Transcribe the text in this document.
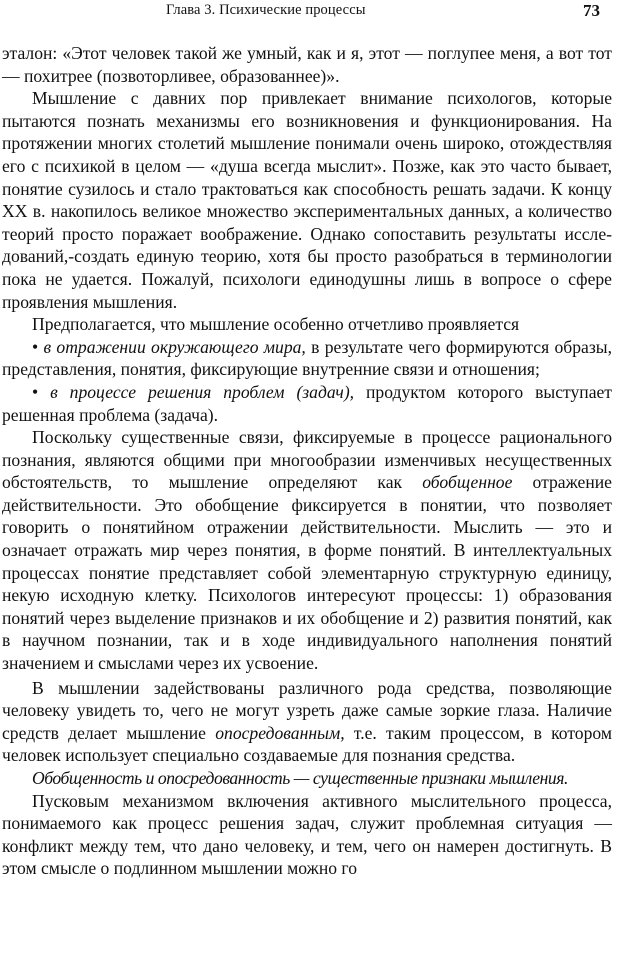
Глава 3. Психические процессы	73

эталон: «Этот человек такой же умный, как и я, этот — поглупее меня, а вот тот — похитрее (позвоторливее, образованнее)».

Мышление с давних пор привлекает внимание психологов, которые пытаются познать механизмы его возникновения и функционирования. На протяжении многих столетий мышление понимали очень широко, отождествляя его с психикой в целом — «душа всегда мыслит». Позже, как это часто бывает, понятие сузилось и стало трактоваться как способность решать задачи. К концу XX в. накопилось великое множество экспериментальных данных, а количество теорий просто поражает воображение. Однако сопоставить результаты исследований,-создать единую теорию, хотя бы просто разобраться в терминологии пока не удается. Пожалуй, психологи единодушны лишь в вопросе о сфере проявления мышления.

Предполагается, что мышление особенно отчетливо проявляется

• в отражении окружающего мира, в результате чего формируются образы, представления, понятия, фиксирующие внутренние связи и отношения;

• в процессе решения проблем (задач), продуктом которого выступает решенная проблема (задача).

Поскольку существенные связи, фиксируемые в процессе рационального познания, являются общими при многообразии изменчивых несущественных обстоятельств, то мышление определяют как обобщенное отражение действительности. Это обобщение фиксируется в понятии, что позволяет говорить о понятийном отражении действительности. Мыслить — это и означает отражать мир через понятия, в форме понятий. В интеллектуальных процессах понятие представляет собой элементарную структурную единицу, некую исходную клетку. Психологов интересуют процессы: 1) образования понятий через выделение признаков и их обобщение и 2) развития понятий, как в научном познании, так и в ходе индивидуального наполнения понятий значением и смыслами через их усвоение.

В мышлении задействованы различного рода средства, позволяющие человеку увидеть то, чего не могут узреть даже самые зоркие глаза. Наличие средств делает мышление опосредованным, т.е. таким процессом, в котором человек использует специально создаваемые для познания средства.

Обобщенность и опосредованность — существенные признаки мышления.

Пусковым механизмом включения активного мыслительного процесса, понимаемого как процесс решения задач, служит проблемная ситуация — конфликт между тем, что дано человеку, и тем, чего он намерен достигнуть. В этом смысле о подлинном мышлении можно го
